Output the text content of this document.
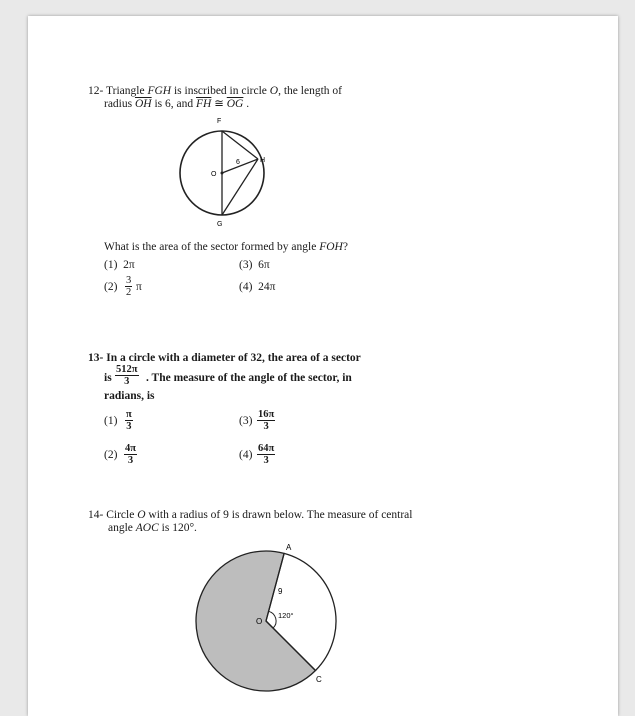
12- Triangle FGH is inscribed in circle O, the length of
radius $\overline{OH}$ is 6, and $\overline{FH}$ ≅ $\overline{OG}$ .
F
G
H
O
6
What is the area of the sector formed by angle FOH?
(1) 2π	(3) 6π
$(2) \frac{3}{2}$ π	(4) 24π
13- In a circle with a diameter of 32, the area of a sector
is $\frac{512\pi}{3}$ . The measure of the angle of the sector, in
radians, is
$(1) \frac{\pi}{3}$	$(3) \frac{16\pi}{3}$
$(2) \frac{4\pi}{3}$	$(4) \frac{64\pi}{3}$
14- Circle O with a radius of 9 is drawn below. The measure of central
angle AOC is 120°.
A
C
O
9
120°
